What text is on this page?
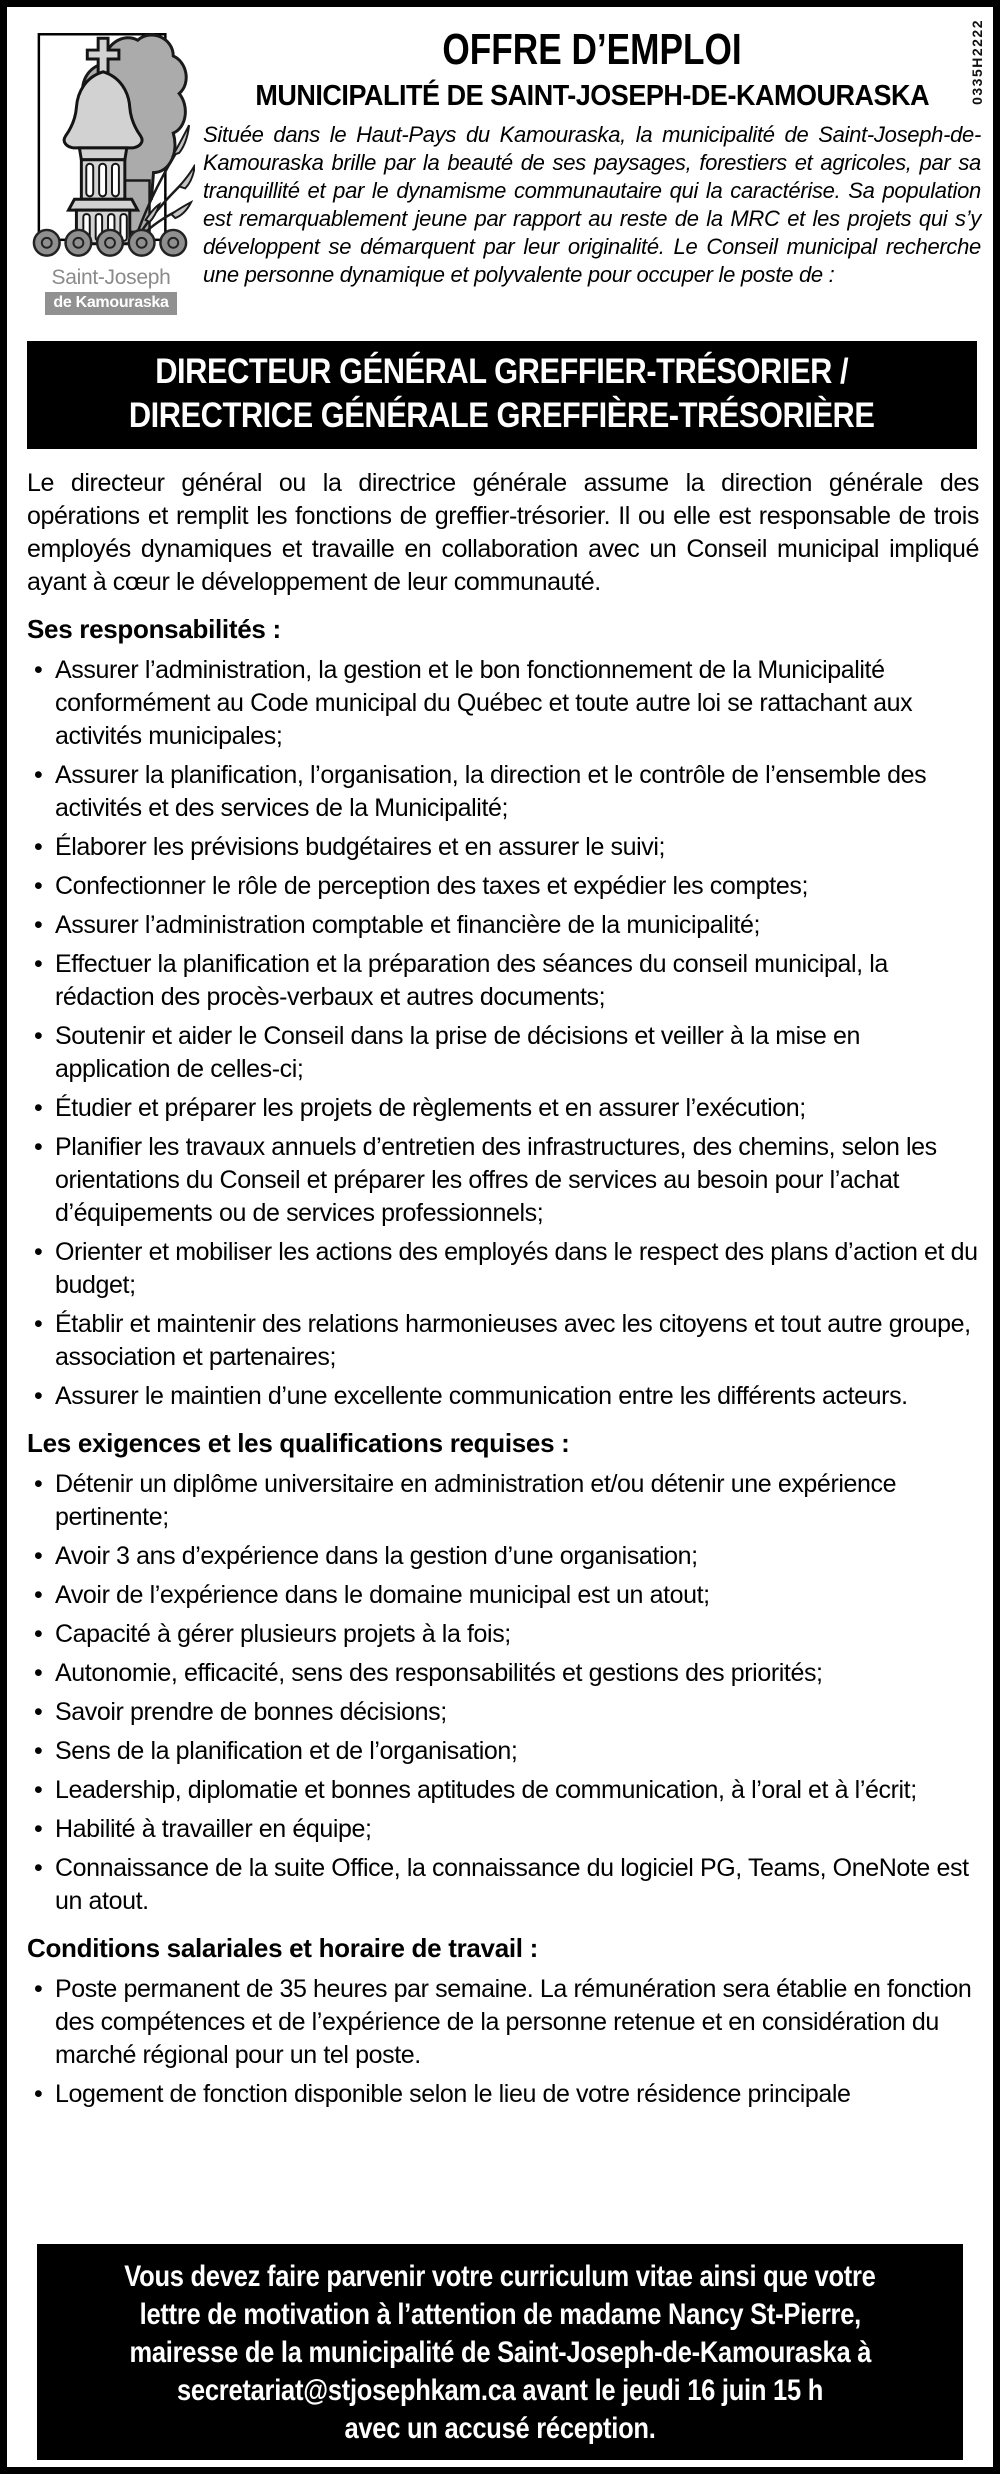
0335H2222
Saint-Joseph
de Kamouraska
OFFRE D’EMPLOI
MUNICIPALITÉ DE SAINT-JOSEPH-DE-KAMOURASKA

Située dans le Haut-Pays du Kamouraska, la municipalité de Saint-Joseph-de-Kamouraska brille par la beauté de ses paysages, forestiers et agricoles, par sa tranquillité et par le dynamisme communautaire qui la caractérise. Sa population est remarquablement jeune par rapport au reste de la MRC et les projets qui s’y développent se démarquent par leur originalité. Le Conseil municipal recherche une personne dynamique et polyvalente pour occuper le poste de :

DIRECTEUR GÉNÉRAL GREFFIER-TRÉSORIER /
DIRECTRICE GÉNÉRALE GREFFIÈRE-TRÉSORIÈRE

Le directeur général ou la directrice générale assume la direction générale des opérations et remplit les fonctions de greffier-trésorier. Il ou elle est responsable de trois employés dynamiques et travaille en collaboration avec un Conseil municipal impliqué ayant à cœur le développement de leur communauté.

Ses responsabilités :
• Assurer l’administration, la gestion et le bon fonctionnement de la Municipalité conformément au Code municipal du Québec et toute autre loi se rattachant aux activités municipales;
• Assurer la planification, l’organisation, la direction et le contrôle de l’ensemble des activités et des services de la Municipalité;
• Élaborer les prévisions budgétaires et en assurer le suivi;
• Confectionner le rôle de perception des taxes et expédier les comptes;
• Assurer l’administration comptable et financière de la municipalité;
• Effectuer la planification et la préparation des séances du conseil municipal, la rédaction des procès-verbaux et autres documents;
• Soutenir et aider le Conseil dans la prise de décisions et veiller à la mise en application de celles-ci;
• Étudier et préparer les projets de règlements et en assurer l’exécution;
• Planifier les travaux annuels d’entretien des infrastructures, des chemins, selon les orientations du Conseil et préparer les offres de services au besoin pour l’achat d’équipements ou de services professionnels;
• Orienter et mobiliser les actions des employés dans le respect des plans d’action et du budget;
• Établir et maintenir des relations harmonieuses avec les citoyens et tout autre groupe, association et partenaires;
• Assurer le maintien d’une excellente communication entre les différents acteurs.
Les exigences et les qualifications requises :
• Détenir un diplôme universitaire en administration et/ou détenir une expérience pertinente;
• Avoir 3 ans d’expérience dans la gestion d’une organisation;
• Avoir de l’expérience dans le domaine municipal est un atout;
• Capacité à gérer plusieurs projets à la fois;
• Autonomie, efficacité, sens des responsabilités et gestions des priorités;
• Savoir prendre de bonnes décisions;
• Sens de la planification et de l’organisation;
• Leadership, diplomatie et bonnes aptitudes de communication, à l’oral et à l’écrit;
• Habilité à travailler en équipe;
• Connaissance de la suite Office, la connaissance du logiciel PG, Teams, OneNote est un atout.
Conditions salariales et horaire de travail :
• Poste permanent de 35 heures par semaine. La rémunération sera établie en fonction des compétences et de l’expérience de la personne retenue et en considération du marché régional pour un tel poste.
• Logement de fonction disponible selon le lieu de votre résidence principale
Vous devez faire parvenir votre curriculum vitae ainsi que votre
lettre de motivation à l’attention de madame Nancy St-Pierre,
mairesse de la municipalité de Saint-Joseph-de-Kamouraska à
secretariat@stjosephkam.ca avant le jeudi 16 juin 15 h
avec un accusé réception.
